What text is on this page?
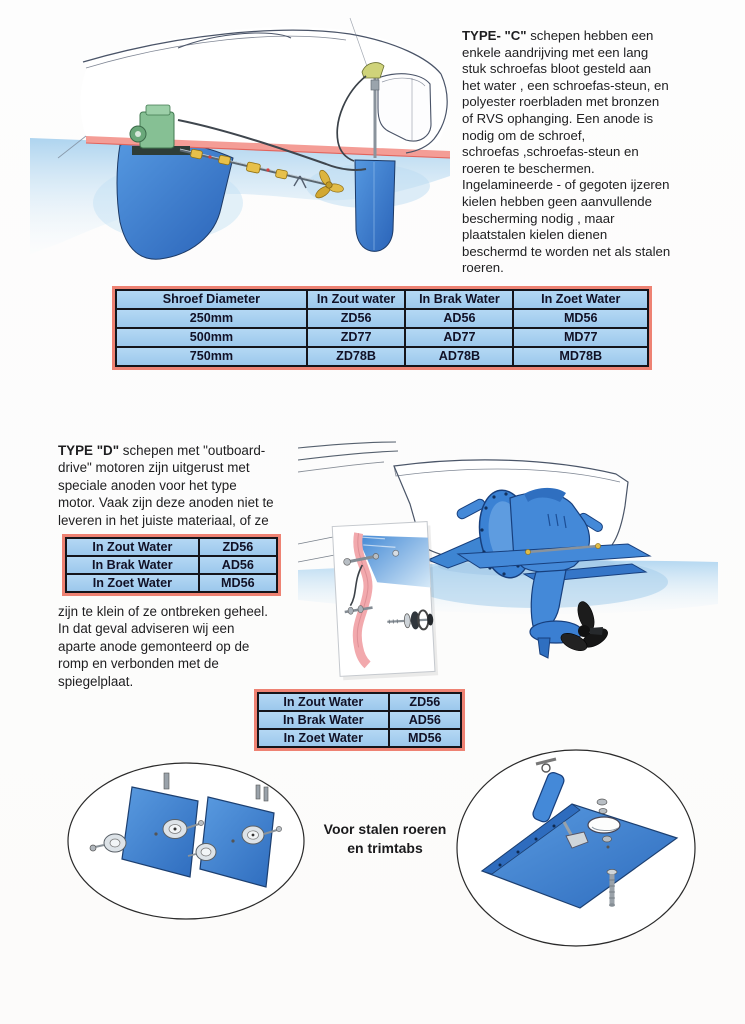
TYPE- "C" schepen hebben een
enkele aandrijving met een lang
stuk schroefas bloot gesteld aan
het water , een schroefas-steun, en
polyester roerbladen met bronzen
of RVS ophanging. Een anode is
nodig om de schroef,
schroefas ,schroefas-steun en
roeren te beschermen.
Ingelamineerde - of gegoten ijzeren
kielen hebben geen aanvullende
bescherming nodig , maar
plaatstalen kielen dienen
beschermd te worden net als stalen
roeren.
Shroef Diameter	In Zout water	In Brak Water	In Zoet Water
250mm	ZD56	AD56	MD56
500mm	ZD77	AD77	MD77
750mm	ZD78B	AD78B	MD78B
TYPE "D" schepen met "outboard-
drive" motoren zijn uitgerust met
speciale anoden voor het type
motor. Vaak zijn deze anoden niet te
leveren in het juiste materiaal, of ze
In Zout Water	ZD56
In Brak Water	AD56
In Zoet Water	MD56
zijn te klein of ze ontbreken geheel.
In dat geval adviseren wij een
aparte anode gemonteerd op de
romp en verbonden met de
spiegelplaat.
In Zout Water	ZD56
In Brak Water	AD56
In Zoet Water	MD56
Voor stalen roeren
en trimtabs
